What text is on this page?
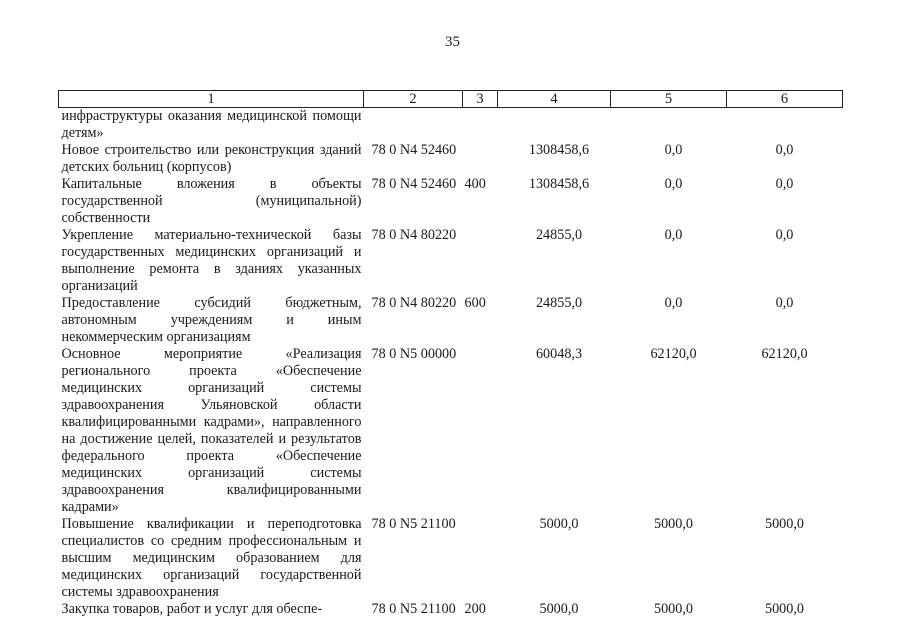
35
1	2	3	4	5	6
инфраструктуры оказания медицинской помощи детям»					
Новое строительство или реконструкция зданий детских больниц (корпусов)	78 0 N4 52460		1308458,6	0,0	0,0
Капитальные вложения в объекты государственной (муниципальной) собственности	78 0 N4 52460	400	1308458,6	0,0	0,0
Укрепление материально-технической базы государственных медицинских организаций и выполнение ремонта в зданиях указанных организаций	78 0 N4 80220		24855,0	0,0	0,0
Предоставление субсидий бюджетным, автономным учреждениям и иным некоммерческим организациям	78 0 N4 80220	600	24855,0	0,0	0,0
Основное мероприятие «Реализация регионального проекта «Обеспечение медицинских организаций системы здравоохранения Ульяновской области квалифицированными кадрами», направленного на достижение целей, показателей и результатов федерального проекта «Обеспечение медицинских организаций системы здравоохранения квалифицированными кадрами»	78 0 N5 00000		60048,3	62120,0	62120,0
Повышение квалификации и переподготовка специалистов со средним профессиональным и высшим медицинским образованием для медицинских организаций государственной системы здравоохранения	78 0 N5 21100		5000,0	5000,0	5000,0
Закупка товаров, работ и услуг для обеспе-	78 0 N5 21100	200	5000,0	5000,0	5000,0
